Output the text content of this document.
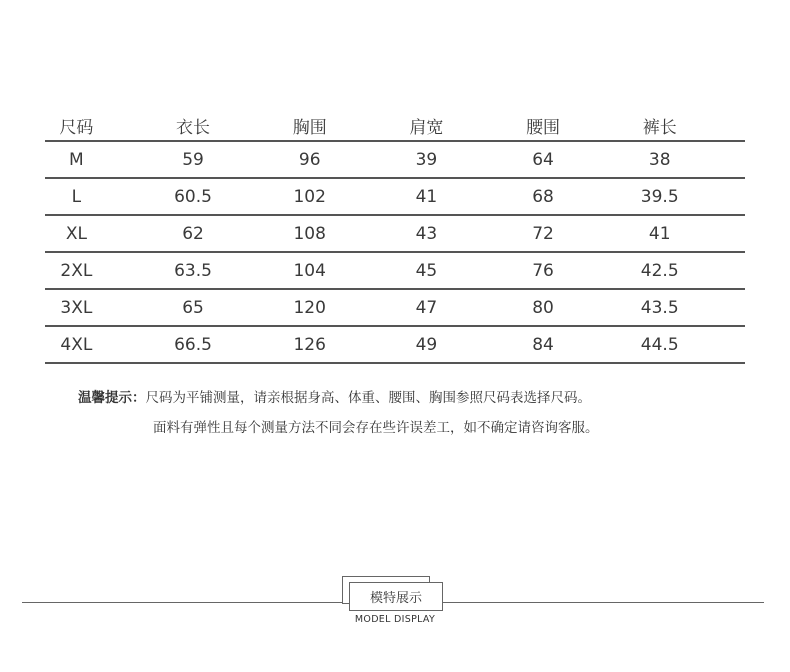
尺码	衣长	胸围	肩宽	腰围	裤长
M	59	96	39	64	38
L	60.5	102	41	68	39.5
XL	62	108	43	72	41
2XL	63.5	104	45	76	42.5
3XL	65	120	47	80	43.5
4XL	66.5	126	49	84	44.5
温馨提示：尺码为平铺测量，请亲根据身高、体重、腰围、胸围参照尺码表选择尺码。
面料有弹性且每个测量方法不同会存在些许误差工，如不确定请咨询客服。
模特展示
MODEL DISPLAY
